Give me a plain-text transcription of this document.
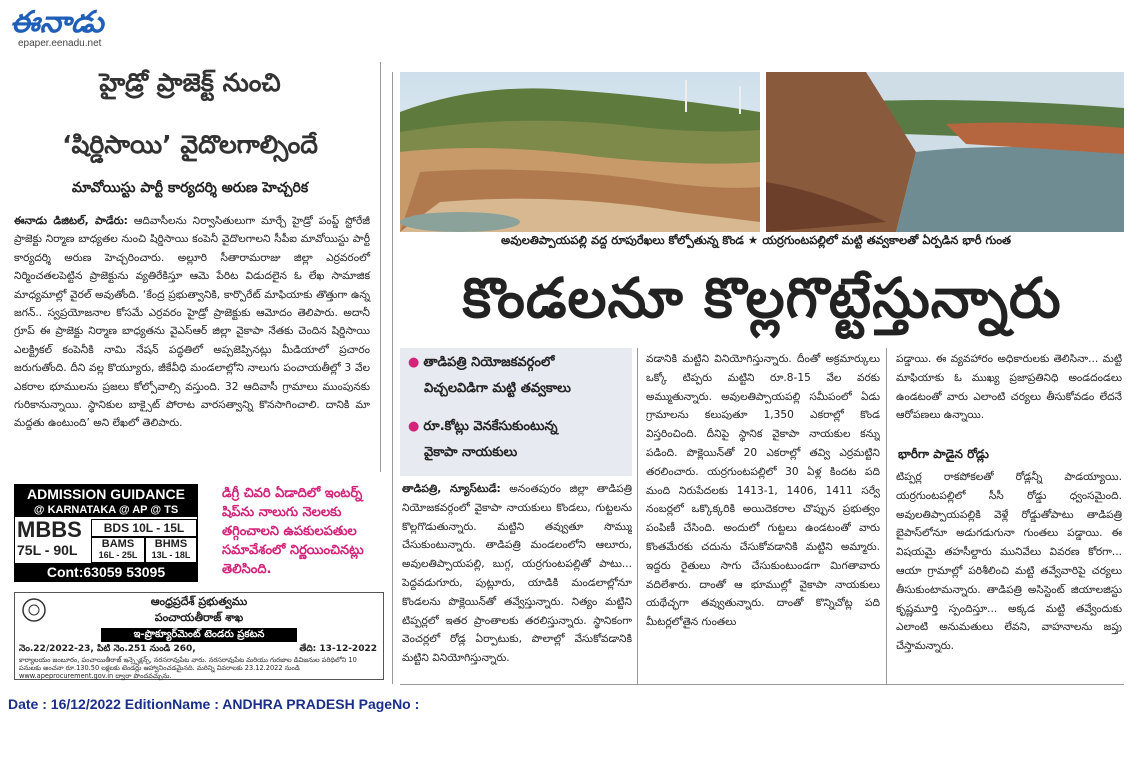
ఈనాడు
epaper.eenadu.net
హైడ్రో ప్రాజెక్ట్ నుంచి
‘షిర్డిసాయి’ వైదొలగాల్సిందే
మావోయిస్టు పార్టీ కార్యదర్శి అరుణ హెచ్చరిక
ఈనాడు డిజిటల్, పాడేరు: ఆదివాసీలను నిర్వాసితులుగా మార్చే హైడ్రో పంప్డ్ స్టోరేజీ ప్రాజెక్టు నిర్మాణ బాధ్యతల నుంచి షిర్డిసాయి కంపెనీ వైదొలగాలని సీపీఐ మావోయిస్టు పార్టీ కార్యదర్శి అరుణ హెచ్చరించారు. అల్లూరి సీతారామరాజు జిల్లా ఎర్రవరంలో నిర్మించతలపెట్టిన ప్రాజెక్టును వ్యతిరేకిస్తూ ఆమె పేరిట విడుదలైన ఓ లేఖ సామాజిక మాధ్యమాల్లో వైరల్ అవుతోంది. ‘కేంద్ర ప్రభుత్వానికి, కార్పొరేట్ మాఫియాకు తొత్తుగా ఉన్న జగన్.. స్వప్రయోజనాల కోసమే ఎర్రవరం హైడ్రో ప్రాజెక్టుకు ఆమోదం తెలిపారు. అదానీ గ్రూప్ ఈ ప్రాజెక్టు నిర్మాణ బాధ్యతను వైఎస్ఆర్ జిల్లా వైకాపా నేతకు చెందిన షిర్డిసాయి ఎలక్ట్రికల్ కంపెనీకి నామి నేషన్ పద్ధతిలో అప్పజెప్పినట్లు మీడియాలో ప్రచారం జరుగుతోంది. దీని వల్ల కొయ్యూరు, జీకేవీధి మండలాల్లోని నాలుగు పంచాయతీల్లో 3 వేల ఎకరాల భూములను ప్రజలు కోల్పోవాల్సి వస్తుంది. 32 ఆదివాసీ గ్రామాలు ముంపునకు గురికానున్నాయి. స్థానికుల బాక్సైట్ పోరాట వారసత్వాన్ని కొనసాగించాలి. దానికి మా మద్దతు ఉంటుంది’ అని లేఖలో తెలిపారు.
ADMISSION GUIDANCE
@ KARNATAKA @ AP @ TS
MBBS
75L - 90L
BDS 10L - 15L
BAMS
16L - 25L
BHMS
13L - 18L
Cont:63059 53095
డిగ్రీ చివరి ఏడాదిలో ఇంటర్న్
షిప్‌ను నాలుగు నెలలకు
తగ్గించాలని ఉపకులపతుల
సమావేశంలో నిర్ణయించినట్లు
తెలిసింది.
ఆంధ్రప్రదేశ్ ప్రభుత్వము
పంచాయతీరాజ్ శాఖ
ఇ-ప్రొక్యూర్‌మెంట్ టెండరు ప్రకటన
నెం.22/2022-23, పిటి నెం.251 నుండి 260,	తేది: 13-12-2022
కార్యాలయం జంబూరం, పంచాయితీరాజ్ ఇన్స్పెక్షన్స్, నరసరావుపేట వారు. నరసరావుపేట మరియు గురజాల డివిజనుల పరిధిలోని 10 పనులకు అంచనా రూ.130.50 లక్షలకు టెండర్లు ఆహ్వానించడమైనది. మరిన్ని వివరాలకు 23.12.2022 నుండి www.apeprocurement.gov.in ద్వారా పొందవచ్చును.
అవులతిప్పాయపల్లి వద్ద రూపురేఖలు కోల్పోతున్న కొండ ★ యర్రగుంటపల్లిలో మట్టి తవ్వకాలతో ఏర్పడిన భారీ గుంత
కొండలనూ కొల్లగొట్టేస్తున్నారు
● తాడిపత్రి నియోజకవర్గంలో
విచ్చలవిడిగా మట్టి తవ్వకాలు
● రూ.కోట్లు వెనకేసుకుంటున్న
వైకాపా నాయకులు
తాడిపత్రి, న్యూస్‌టుడే: అనంతపురం జిల్లా తాడిపత్రి నియోజకవర్గంలో వైకాపా నాయకులు కొండలు, గుట్టలను కొల్లగొడుతున్నారు. మట్టిని తవ్వుతూ సొమ్ము చేసుకుంటున్నారు. తాడిపత్రి మండలంలోని ఆలూరు, అవులతిప్పాయపల్లి, బుగ్గ, యర్రగుంటపల్లితో పాటు... పెద్దవడుగూరు, పుట్లూరు, యాడికి మండలాల్లోనూ కొండలను పొక్లెయిన్‌తో తవ్వేస్తున్నారు. నిత్యం మట్టిని టిప్పర్లలో ఇతర ప్రాంతాలకు తరలిస్తున్నారు. స్థానికంగా వెంచర్లలో రోడ్ల ఏర్పాటుకు, పొలాల్లో వేసుకోవడానికి మట్టిని వినియోగిస్తున్నారు.
వడానికి మట్టిని వినియోగిస్తున్నారు. దీంతో అక్రమార్కులు ఒక్కో టిప్పరు మట్టిని రూ.8-15 వేల వరకు అమ్ముతున్నారు. అవులతిప్పాయపల్లి సమీపంలో ఏడు గ్రామాలను కలుపుతూ 1,350 ఎకరాల్లో కొండ విస్తరించింది. దీనిపై స్థానిక వైకాపా నాయకుల కన్ను పడింది. పొక్లెయిన్‌తో 20 ఎకరాల్లో తవ్వి ఎర్రమట్టిని తరలించారు. యర్రగుంటపల్లిలో 30 ఏళ్ల కిందట పది మంది నిరుపేదలకు 1413-1, 1406, 1411 సర్వే నంబర్లలో ఒక్కొక్కరికి అయిదెకరాల చొప్పున ప్రభుత్వం పంపిణీ చేసింది. అందులో గుట్టలు ఉండటంతో వారు కొంతమేరకు చదును చేసుకోవడానికి మట్టిని అమ్మారు. ఇద్దరు రైతులు సాగు చేసుకుంటుండగా మిగతావారు వదిలేశారు. దాంతో ఆ భూముల్లో వైకాపా నాయకులు యథేచ్ఛగా తవ్వుతున్నారు. దాంతో కొన్నిచోట్ల పది మీటర్లలోతైన గుంతలు
పడ్డాయి. ఈ వ్యవహారం అధికారులకు తెలిసినా... మట్టి మాఫియాకు ఓ ముఖ్య ప్రజాప్రతినిధి అండదండలు ఉండటంతో వారు ఎలాంటి చర్యలు తీసుకోవడం లేదనే ఆరోపణలు ఉన్నాయి.
భారీగా పాడైన రోడ్లు
టిప్పర్ల రాకపోకలతో రోడ్లన్నీ పాడయ్యాయి. యర్రగుంటపల్లిలో సీసీ రోడ్డు ధ్వంసమైంది. అవులతిప్పాయపల్లికి వెళ్లే రోడ్డుతోపాటు తాడిపత్రి బైపాస్‌లోనూ అడుగడుగునా గుంతలు పడ్డాయి. ఈ విషయమై తహసీల్దారు మునివేలు వివరణ కోరగా... ఆయా గ్రామాల్లో పరిశీలించి మట్టి తవ్వేవారిపై చర్యలు తీసుకుంటామన్నారు. తాడిపత్రి అసిస్టెంట్ జియాలజిస్టు కృష్ణమూర్తి స్పందిస్తూ... అక్కడ మట్టి తవ్వేందుకు ఎలాంటి అనుమతులు లేవని, వాహనాలను జప్తు చేస్తామన్నారు.
Date : 16/12/2022 EditionName : ANDHRA PRADESH PageNo :
